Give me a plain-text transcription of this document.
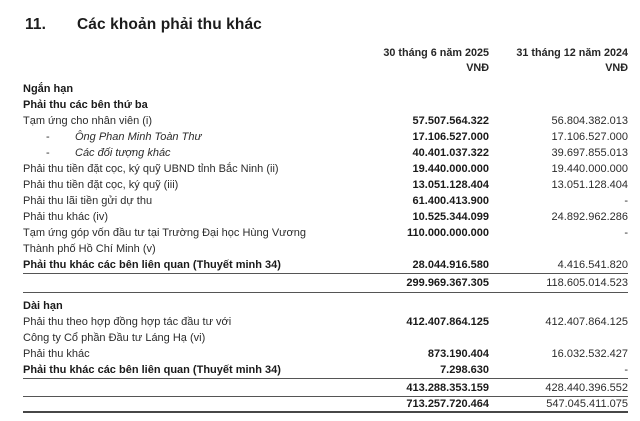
11. Các khoản phải thu khác
30 tháng 6 năm 2025	31 tháng 12 năm 2024
VNĐ	VNĐ
Ngắn hạn
Phải thu các bên thứ ba
Tạm ứng cho nhân viên (i)	57.507.564.322	56.804.382.013
- Ông Phan Minh Toàn Thư	17.106.527.000	17.106.527.000
- Các đối tượng khác	40.401.037.322	39.697.855.013
Phải thu tiền đặt cọc, ký quỹ UBND tỉnh Bắc Ninh (ii)	19.440.000.000	19.440.000.000
Phải thu tiền đặt cọc, ký quỹ (iii)	13.051.128.404	13.051.128.404
Phải thu lãi tiền gửi dự thu	61.400.413.900	-
Phải thu khác (iv)	10.525.344.099	24.892.962.286
Tạm ứng góp vốn đầu tư tại Trường Đại học Hùng Vương	110.000.000.000	-
Thành phố Hồ Chí Minh (v)
Phải thu khác các bên liên quan (Thuyết minh 34)	28.044.916.580	4.416.541.820
299.969.367.305	118.605.014.523
Dài hạn
Phải thu theo hợp đồng hợp tác đầu tư với	412.407.864.125	412.407.864.125
Công ty Cổ phần Đầu tư Láng Hạ (vi)
Phải thu khác	873.190.404	16.032.532.427
Phải thu khác các bên liên quan (Thuyết minh 34)	7.298.630	-
413.288.353.159	428.440.396.552
713.257.720.464	547.045.411.075
